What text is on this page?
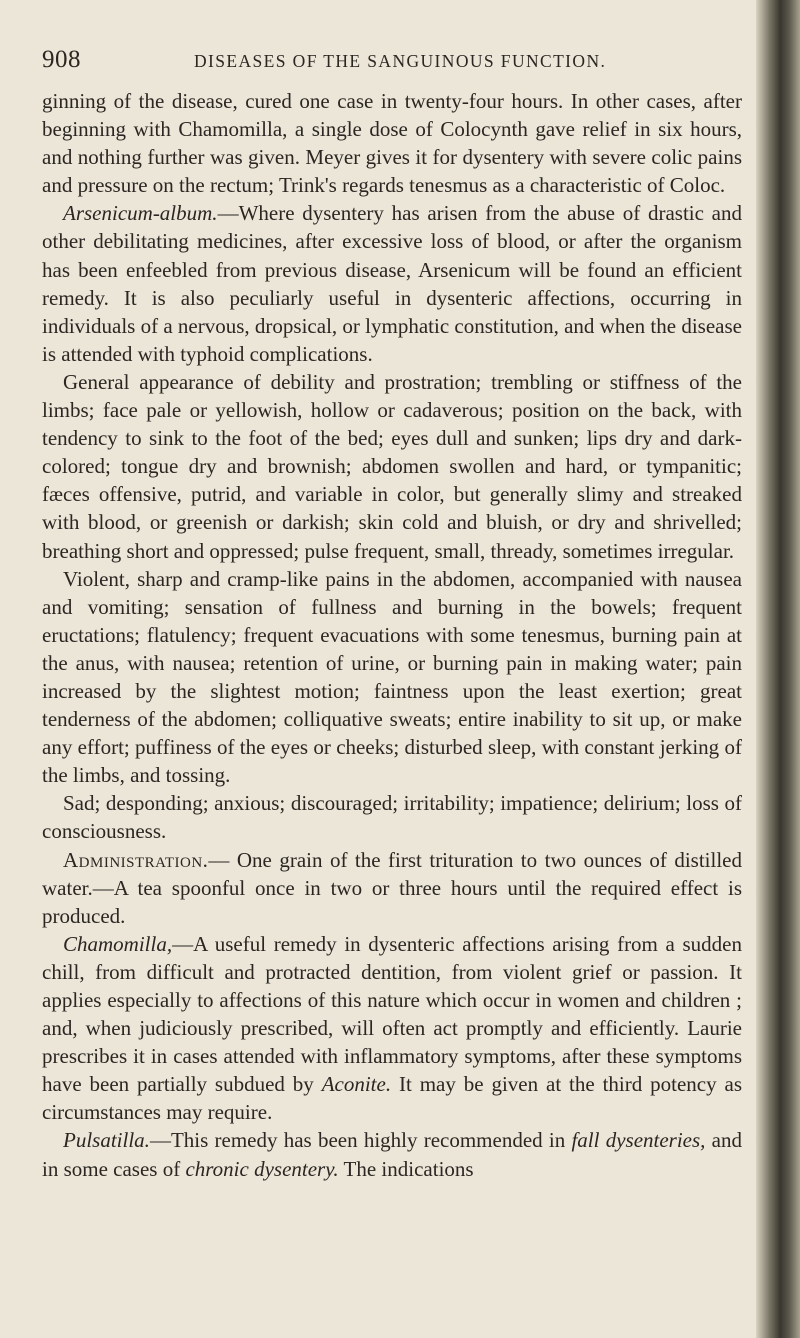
908	DISEASES OF THE SANGUINOUS FUNCTION.

ginning of the disease, cured one case in twenty-four hours. In other cases, after beginning with Chamomilla, a single dose of Colocynth gave relief in six hours, and nothing further was given. Meyer gives it for dysentery with severe colic pains and pressure on the rectum; Trink's regards tenesmus as a characteristic of Coloc.

Arsenicum-album.—Where dysentery has arisen from the abuse of drastic and other debilitating medicines, after excessive loss of blood, or after the organism has been enfeebled from previous disease, Arsenicum will be found an efficient remedy. It is also peculiarly useful in dysenteric affections, occurring in individuals of a nervous, dropsical, or lymphatic constitution, and when the disease is attended with typhoid complications.

General appearance of debility and prostration; trembling or stiffness of the limbs; face pale or yellowish, hollow or cadaverous; position on the back, with tendency to sink to the foot of the bed; eyes dull and sunken; lips dry and dark-colored; tongue dry and brownish; abdomen swollen and hard, or tympanitic; fæces offensive, putrid, and variable in color, but generally slimy and streaked with blood, or greenish or darkish; skin cold and bluish, or dry and shrivelled; breathing short and oppressed; pulse frequent, small, thready, sometimes irregular.

Violent, sharp and cramp-like pains in the abdomen, accompanied with nausea and vomiting; sensation of fullness and burning in the bowels; frequent eructations; flatulency; frequent evacuations with some tenesmus, burning pain at the anus, with nausea; retention of urine, or burning pain in making water; pain increased by the slightest motion; faintness upon the least exertion; great tenderness of the abdomen; colliquative sweats; entire inability to sit up, or make any effort; puffiness of the eyes or cheeks; disturbed sleep, with constant jerking of the limbs, and tossing.

Sad; desponding; anxious; discouraged; irritability; impatience; delirium; loss of consciousness.

Administration.— One grain of the first trituration to two ounces of distilled water.—A tea spoonful once in two or three hours until the required effect is produced.

Chamomilla,—A useful remedy in dysenteric affections arising from a sudden chill, from difficult and protracted dentition, from violent grief or passion. It applies especially to affections of this nature which occur in women and children ; and, when judiciously prescribed, will often act promptly and efficiently. Laurie prescribes it in cases attended with inflammatory symptoms, after these symptoms have been partially subdued by Aconite. It may be given at the third potency as circumstances may require.

Pulsatilla.—This remedy has been highly recommended in fall dysenteries, and in some cases of chronic dysentery. The indications
